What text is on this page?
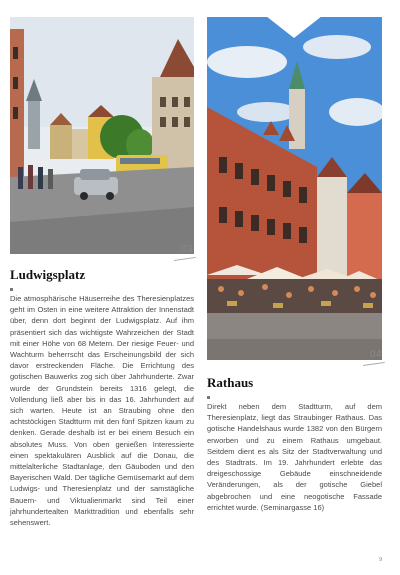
03
04
Ludwigsplatz

Die atmosphärische Häuserreihe des Theresienplatzes geht im Osten in eine weitere Attraktion der Innenstadt über, denn dort beginnt der Ludwigsplatz. Auf ihm präsentiert sich das wichtigste Wahrzeichen der Stadt mit einer Höhe von 68 Metern. Der riesige Feuer- und Wachturm beherrscht das Erscheinungsbild der sich davor erstreckenden Fläche. Die Errichtung des gotischen Bauwerks zog sich über Jahrhunderte. Zwar wurde der Grundstein bereits 1316 gelegt, die Vollendung ließ aber bis in das 16. Jahrhundert auf sich warten. Heute ist an Straubing ohne den achtstöckigen Stadtturm mit den fünf Spitzen kaum zu denken. Gerade deshalb ist er bei einem Besuch ein absolutes Muss. Von oben genießen Interessierte einen spektakulären Ausblick auf die Donau, die mittelalterliche Stadtanlage, den Gäuboden und den Bayerischen Wald. Der tägliche Gemüsemarkt auf dem Ludwigs- und Theresienplatz und der samstägliche Bauern- und Viktualienmarkt sind Teil einer jahrhundertealten Markttradition und ebenfalls sehr sehenswert.

Rathaus

Direkt neben dem Stadtturm, auf dem Theresienplatz, liegt das Straubinger Rathaus. Das gotische Handelshaus wurde 1382 von den Bürgern erworben und zu einem Rathaus umgebaut. Seitdem dient es als Sitz der Stadtverwaltung und des Stadtrats. Im 19. Jahrhundert erlebte das dreigeschossige Gebäude einschneidende Veränderungen, als der gotische Giebel abgebrochen und eine neogotische Fassade errichtet wurde. (Seminargasse 16)

9
